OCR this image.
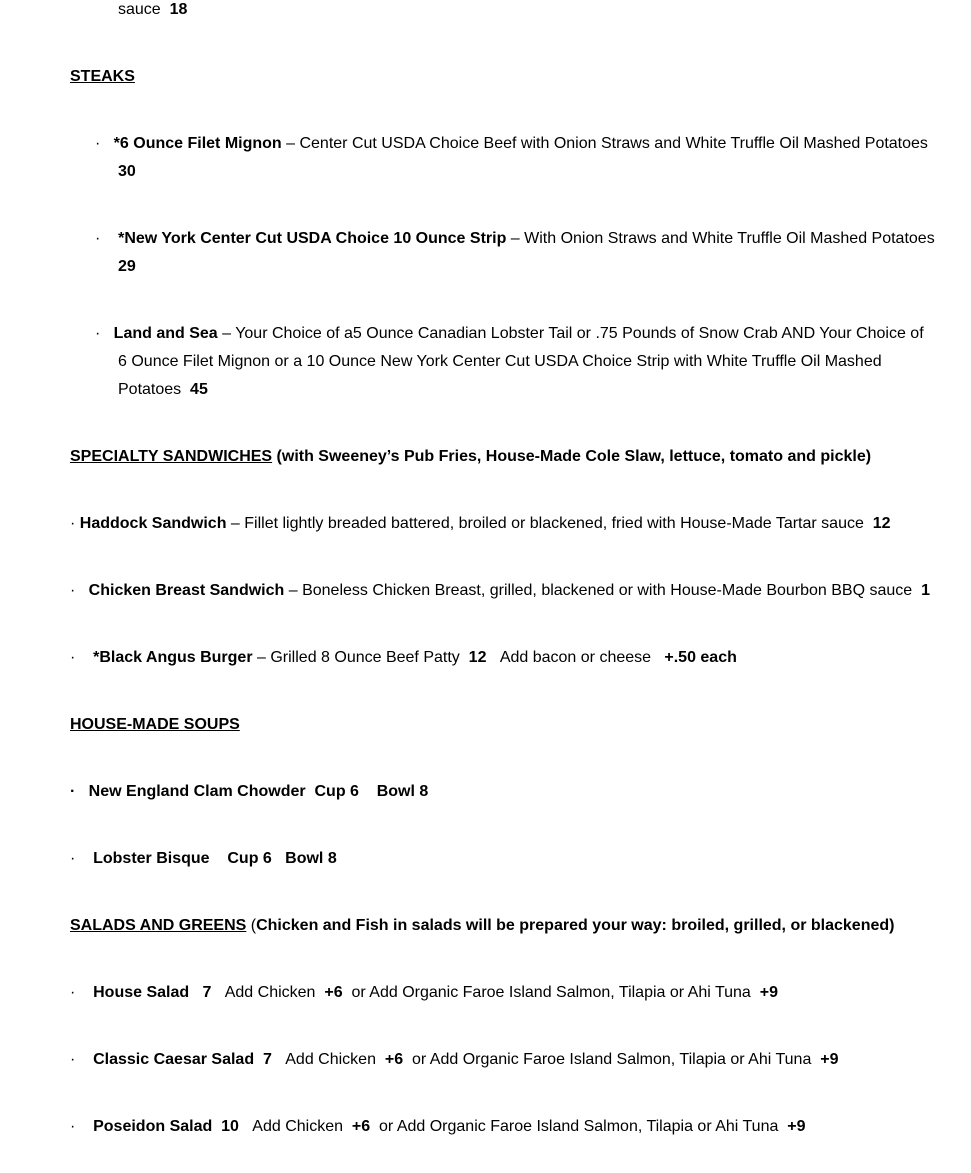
sauce 18
STEAKS
· *6 Ounce Filet Mignon – Center Cut USDA Choice Beef with Onion Straws and White Truffle Oil Mashed Potatoes
30
· *New York Center Cut USDA Choice 10 Ounce Strip – With Onion Straws and White Truffle Oil Mashed Potatoes
29
· Land and Sea – Your Choice of a5 Ounce Canadian Lobster Tail or .75 Pounds of Snow Crab AND Your Choice of
6 Ounce Filet Mignon or a 10 Ounce New York Center Cut USDA Choice Strip with White Truffle Oil Mashed
Potatoes 45
SPECIALTY SANDWICHES (with Sweeney’s Pub Fries, House-Made Cole Slaw, lettuce, tomato and pickle)
· Haddock Sandwich – Fillet lightly breaded battered, broiled or blackened, fried with House-Made Tartar sauce 12
· Chicken Breast Sandwich – Boneless Chicken Breast, grilled, blackened or with House-Made Bourbon BBQ sauce 1
· *Black Angus Burger – Grilled 8 Ounce Beef Patty 12 Add bacon or cheese +.50 each
HOUSE-MADE SOUPS
· New England Clam Chowder Cup 6 Bowl 8
· Lobster Bisque Cup 6 Bowl 8
SALADS AND GREENS (Chicken and Fish in salads will be prepared your way: broiled, grilled, or blackened)
· House Salad 7 Add Chicken +6 or Add Organic Faroe Island Salmon, Tilapia or Ahi Tuna +9
· Classic Caesar Salad 7 Add Chicken +6 or Add Organic Faroe Island Salmon, Tilapia or Ahi Tuna +9
· Poseidon Salad 10 Add Chicken +6 or Add Organic Faroe Island Salmon, Tilapia or Ahi Tuna +9
